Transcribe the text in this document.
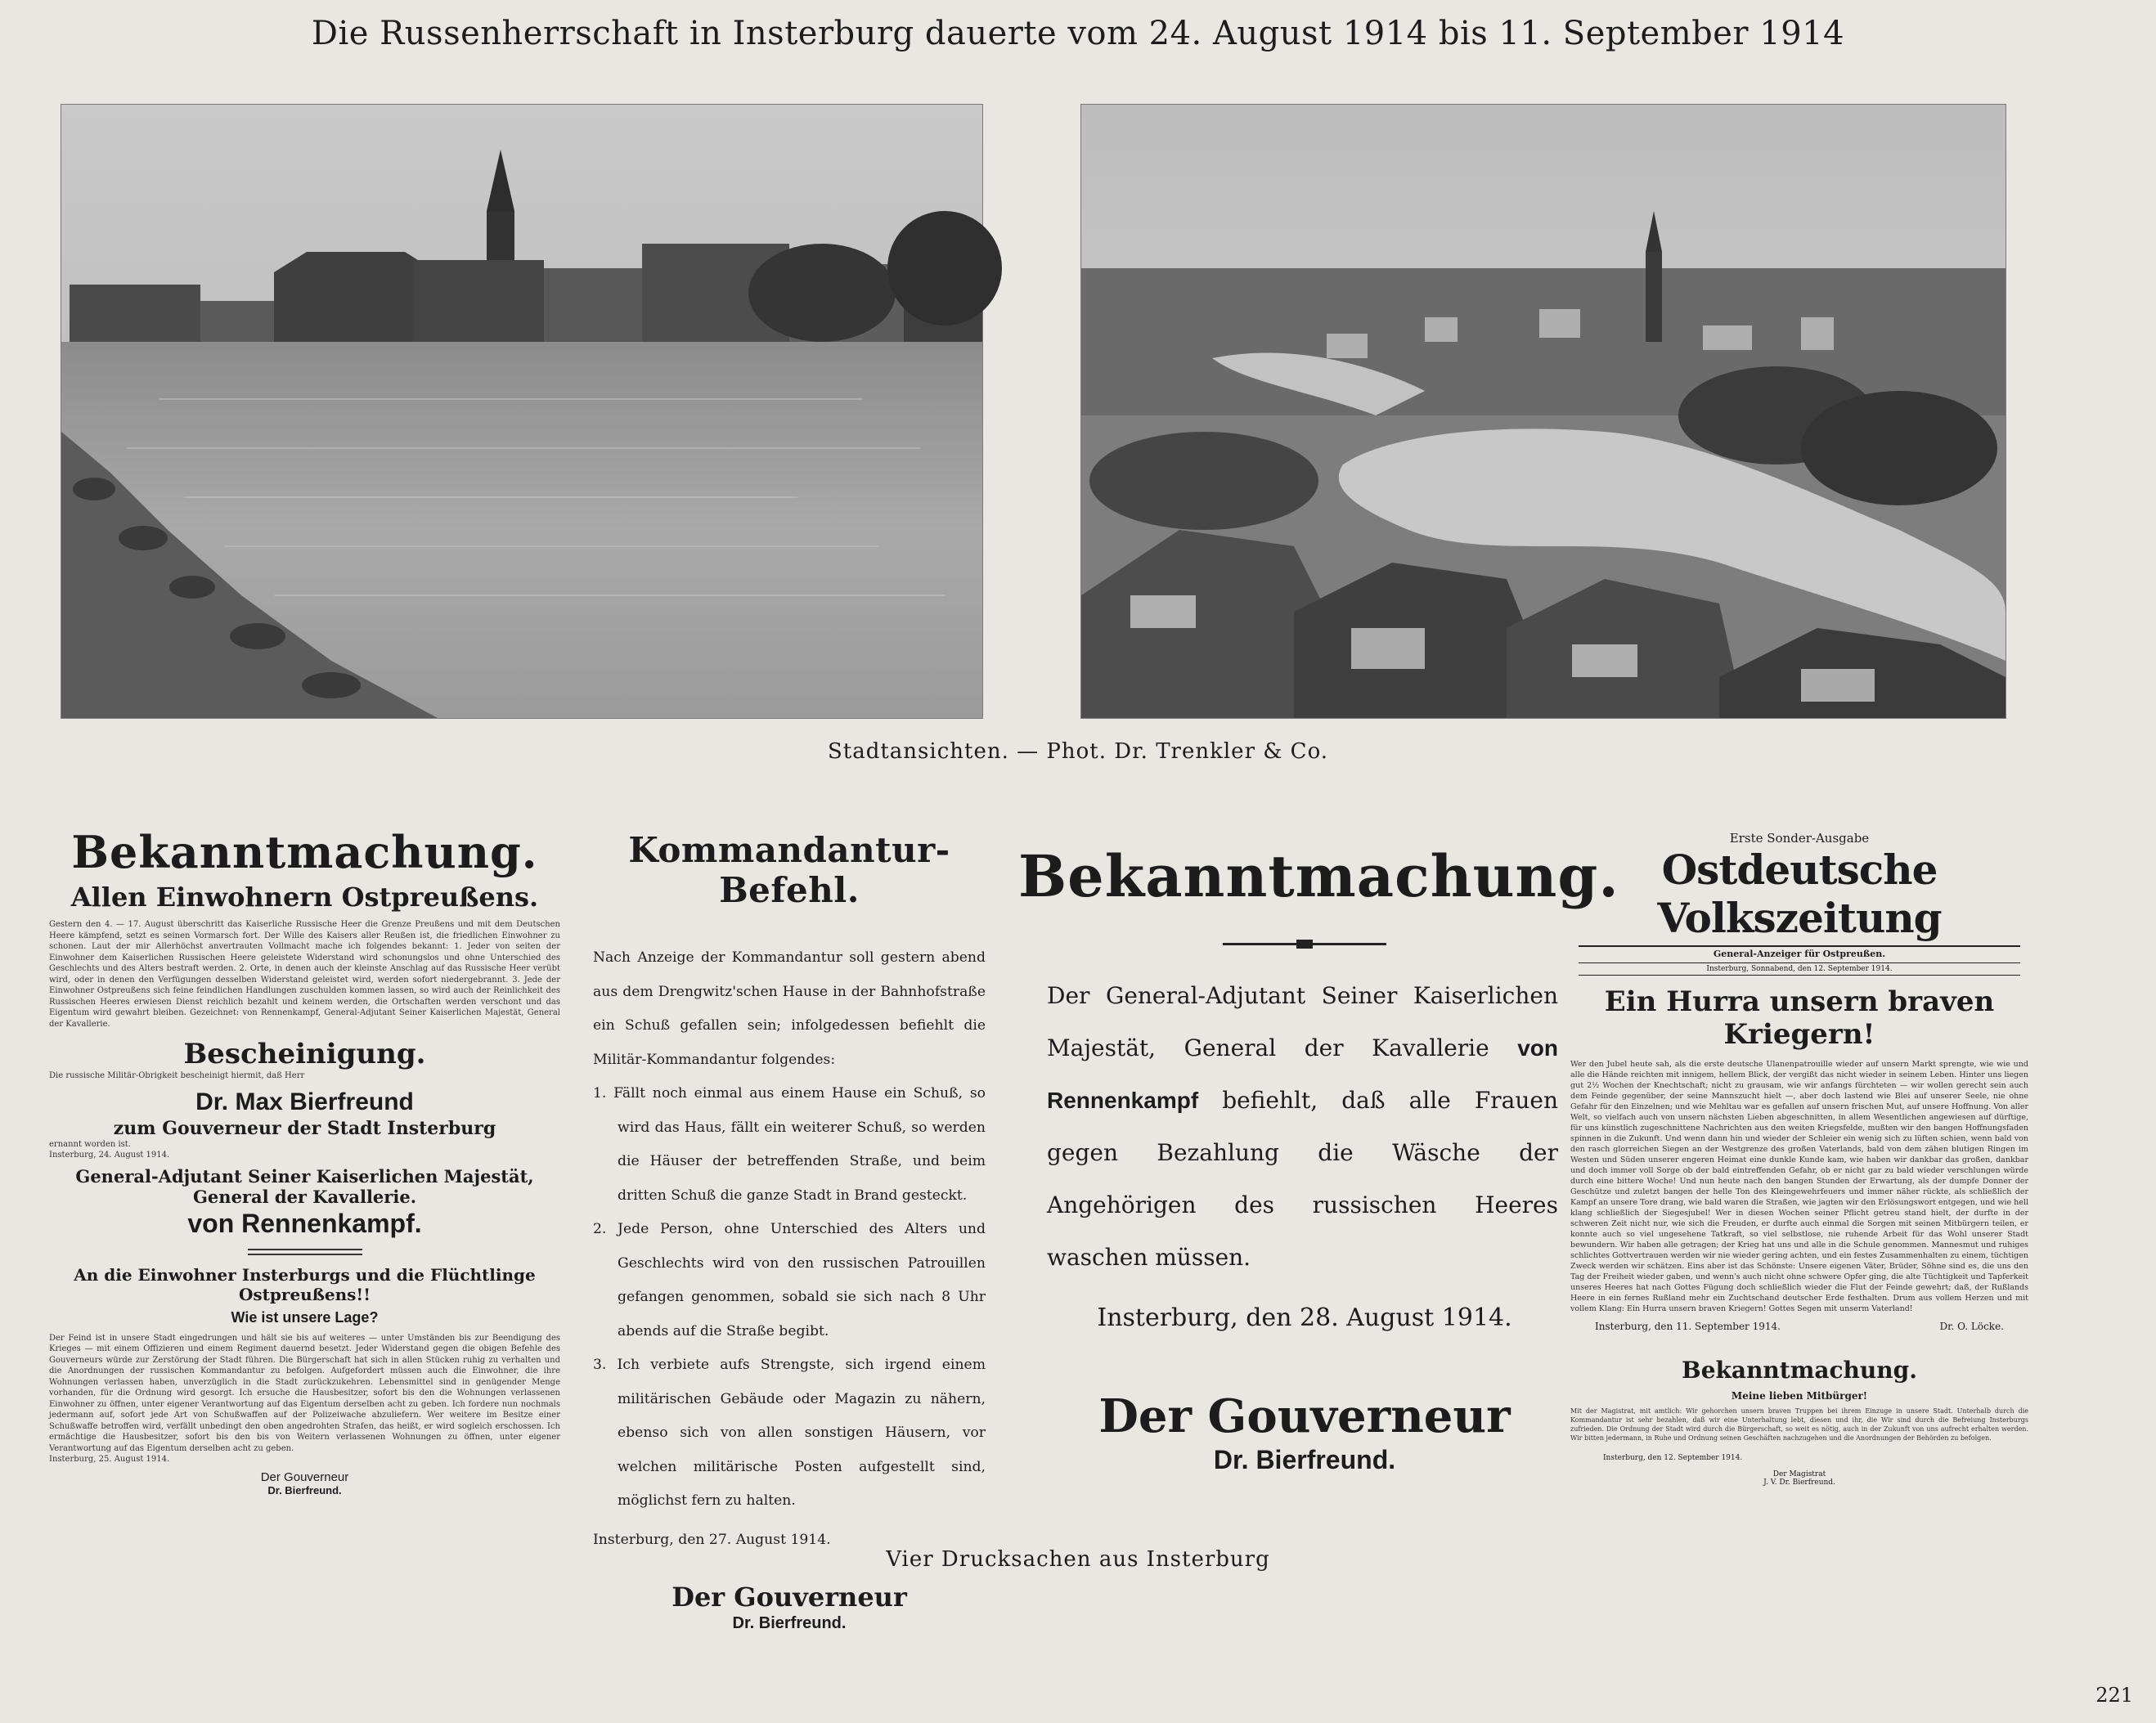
Die Russenherrschaft in Insterburg dauerte vom 24. August 1914 bis 11. September 1914
Stadtansichten. — Phot. Dr. Trenkler & Co.
Bekanntmachung.
Allen Einwohnern Ostpreußens.

Gestern den 4. — 17. August überschritt das Kaiserliche Russische Heer die Grenze Preußens und mit dem Deutschen Heere kämpfend, setzt es seinen Vormarsch fort. Der Wille des Kaisers aller Reußen ist, die friedlichen Einwohner zu schonen. Laut der mir Allerhöchst anvertrauten Vollmacht mache ich folgendes bekannt: 1. Jeder von seiten der Einwohner dem Kaiserlichen Russischen Heere geleistete Widerstand wird schonungslos und ohne Unterschied des Geschlechts und des Alters bestraft werden. 2. Orte, in denen auch der kleinste Anschlag auf das Russische Heer verübt wird, oder in denen den Verfügungen desselben Widerstand geleistet wird, werden sofort niedergebrannt. 3. Jede der Einwohner Ostpreußens sich feine feindlichen Handlungen zuschulden kommen lassen, so wird auch der Reinlichkeit des Russischen Heeres erwiesen Dienst reichlich bezahlt und keinem werden, die Ortschaften werden verschont und das Eigentum wird gewahrt bleiben. Gezeichnet: von Rennenkampf, General-Adjutant Seiner Kaiserlichen Majestät, General der Kavallerie.

Bescheinigung.

Die russische Militär-Obrigkeit bescheinigt hiermit, daß Herr

Dr. Max Bierfreund
zum Gouverneur der Stadt Insterburg

ernannt worden ist.

Insterburg, 24. August 1914.

General-Adjutant Seiner Kaiserlichen Majestät, General der Kavallerie.
von Rennenkampf.
An die Einwohner Insterburgs und die Flüchtlinge Ostpreußens!!
Wie ist unsere Lage?

Der Feind ist in unsere Stadt eingedrungen und hält sie bis auf weiteres — unter Umständen bis zur Beendigung des Krieges — mit einem Offizieren und einem Regiment dauernd besetzt. Jeder Widerstand gegen die obigen Befehle des Gouverneurs würde zur Zerstörung der Stadt führen. Die Bürgerschaft hat sich in allen Stücken ruhig zu verhalten und die Anordnungen der russischen Kommandantur zu befolgen. Aufgefordert müssen auch die Einwohner, die ihre Wohnungen verlassen haben, unverzüglich in die Stadt zurückzukehren. Lebensmittel sind in genügender Menge vorhanden, für die Ordnung wird gesorgt. Ich ersuche die Hausbesitzer, sofort bis den die Wohnungen verlassenen Einwohner zu öffnen, unter eigener Verantwortung auf das Eigentum derselben acht zu geben. Ich fordere nun nochmals jedermann auf, sofort jede Art von Schußwaffen auf der Polizeiwache abzuliefern. Wer weitere im Besitze einer Schußwaffe betroffen wird, verfällt unbedingt den oben angedrohten Strafen, das heißt, er wird sogleich erschossen. Ich ermächtige die Hausbesitzer, sofort bis den bis von Weitern verlassenen Wohnungen zu öffnen, unter eigener Verantwortung auf das Eigentum derselben acht zu geben.

Insterburg, 25. August 1914.

Der Gouverneur
Dr. Bierfreund.
Kommandantur-Befehl.
Nach Anzeige der Kommandantur soll gestern abend aus dem Drengwitz'schen Hause in der Bahnhofstraße ein Schuß gefallen sein; infolgedessen befiehlt die Militär-Kommandantur folgendes:
1. Fällt noch einmal aus einem Hause ein Schuß, so wird das Haus, fällt ein weiterer Schuß, so werden die Häuser der betreffenden Straße, und beim dritten Schuß die ganze Stadt in Brand gesteckt.
2. Jede Person, ohne Unterschied des Alters und Geschlechts wird von den russischen Patrouillen gefangen genommen, sobald sie sich nach 8 Uhr abends auf die Straße begibt.
3. Ich verbiete aufs Strengste, sich irgend einem militärischen Gebäude oder Magazin zu nähern, ebenso sich von allen sonstigen Häusern, vor welchen militärische Posten aufgestellt sind, möglichst fern zu halten.
Insterburg, den 27. August 1914.
Der Gouverneur
Dr. Bierfreund.
Bekanntmachung.
Der General-Adjutant Seiner Kaiserlichen Majestät, General der Kavallerie von Rennenkampf befiehlt, daß alle Frauen gegen Bezahlung die Wäsche der Angehörigen des russischen Heeres waschen müssen.
Insterburg, den 28. August 1914.
Der Gouverneur
Dr. Bierfreund.
Erste Sonder-Ausgabe
Ostdeutsche Volkszeitung
General-Anzeiger für Ostpreußen.
Insterburg, Sonnabend, den 12. September 1914.
Ein Hurra unsern braven Kriegern!

Wer den Jubel heute sah, als die erste deutsche Ulanenpatrouille wieder auf unsern Markt sprengte, wie wie und alle die Hände reichten mit innigem, hellem Blick, der vergißt das nicht wieder in seinem Leben. Hinter uns liegen gut 2½ Wochen der Knechtschaft; nicht zu grausam, wie wir anfangs fürchteten — wir wollen gerecht sein auch dem Feinde gegenüber, der seine Mannszucht hielt —, aber doch lastend wie Blei auf unserer Seele, nie ohne Gefahr für den Einzelnen; und wie Mehltau war es gefallen auf unsern frischen Mut, auf unsere Hoffnung. Von aller Welt, so vielfach auch von unsern nächsten Lieben abgeschnitten, in allem Wesentlichen angewiesen auf dürftige, für uns künstlich zugeschnittene Nachrichten aus den weiten Kriegsfelde, mußten wir den bangen Hoffnungsfaden spinnen in die Zukunft. Und wenn dann hin und wieder der Schleier ein wenig sich zu lüften schien, wenn bald von den rasch glorreichen Siegen an der Westgrenze des großen Vaterlands, bald von dem zähen blutigen Ringen im Westen und Süden unserer engeren Heimat eine dunkle Kunde kam, wie haben wir dankbar das großen, dankbar und doch immer voll Sorge ob der bald eintreffenden Gefahr, ob er nicht gar zu bald wieder verschlungen würde durch eine bittere Woche! Und nun heute nach den bangen Stunden der Erwartung, als der dumpfe Donner der Geschütze und zuletzt bangen der helle Ton des Kleingewehrfeuers und immer näher rückte, als schließlich der Kampf an unsere Tore drang, wie bald waren die Straßen, wie jagten wir den Erlösungswort entgegen, und wie hell klang schließlich der Siegesjubel! Wer in diesen Wochen seiner Pflicht getreu stand hielt, der durfte in der schweren Zeit nicht nur, wie sich die Freuden, er durfte auch einmal die Sorgen mit seinen Mitbürgern teilen, er konnte auch so viel ungesehene Tatkraft, so viel selbstlose, nie ruhende Arbeit für das Wohl unserer Stadt bewundern. Wir haben alle getragen; der Krieg hat uns und alle in die Schule genommen. Mannesmut und ruhiges schlichtes Gottvertrauen werden wir nie wieder gering achten, und ein festes Zusammenhalten zu einem, tüchtigen Zweck werden wir schätzen. Eins aber ist das Schönste: Unsere eigenen Väter, Brüder, Söhne sind es, die uns den Tag der Freiheit wieder gaben, und wenn's auch nicht ohne schwere Opfer ging, die alte Tüchtigkeit und Tapferkeit unseres Heeres hat nach Gottes Fügung doch schließlich wieder die Flut der Feinde gewehrt; daß, der Rußlands Heere in ein fernes Rußland mehr ein Zuchtschand deutscher Erde festhalten. Drum aus vollem Herzen und mit vollem Klang: Ein Hurra unsern braven Kriegern! Gottes Segen mit unserm Vaterland!

Insterburg, den 11. September 1914.	Dr. O. Löcke.
Bekanntmachung.
Meine lieben Mitbürger!

Mit der Magistrat, mit amtlich: Wir gehorchen unsern braven Truppen bei ihrem Einzuge in unsere Stadt. Unterhalb durch die Kommandantur ist sehr bezahlen, daß wir eine Unterhaltung lebt, diesen und ihr, die Wir sind durch die Befreiung Insterburgs zufrieden. Die Ordnung der Stadt wird durch die Bürgerschaft, so weit es nötig, auch in der Zukunft von uns aufrecht erhalten werden. Wir bitten jedermann, in Ruhe und Ordnung seinen Geschäften nachzugehen und die Anordnungen der Behörden zu befolgen.

Insterburg, den 12. September 1914.
Der Magistrat
J. V. Dr. Bierfreund.
Vier Drucksachen aus Insterburg
221
